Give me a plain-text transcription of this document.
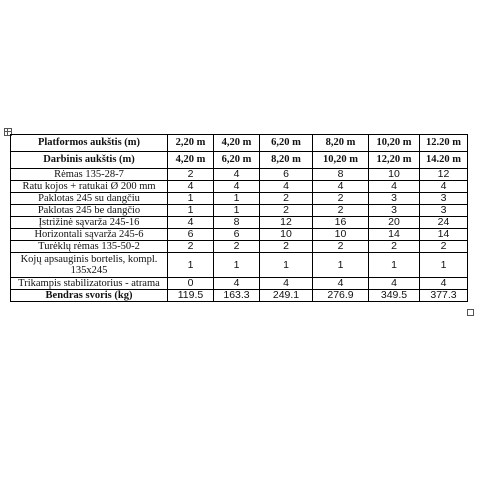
Platformos aukštis (m)	2,20 m	4,20 m	6,20 m	8,20 m	10,20 m	12.20 m
Darbinis aukštis (m)	4,20 m	6,20 m	8,20 m	10,20 m	12,20 m	14.20 m
Rėmas 135-28-7	2	4	6	8	10	12
Ratu kojos + ratukai Ø 200 mm	4	4	4	4	4	4
Paklotas 245 su dangčiu	1	1	2	2	3	3
Paklotas 245 be dangčio	1	1	2	2	3	3
Įstrižinė sąvarža 245-16	4	8	12	16	20	24
Horizontali sąvarža 245-6	6	6	10	10	14	14
Turėklų rėmas 135-50-2	2	2	2	2	2	2
Kojų apsauginis bortelis, kompl.
135x245	1	1	1	1	1	1
Trikampis stabilizatorius - atrama	0	4	4	4	4	4
Bendras svoris (kg)	119.5	163.3	249.1	276.9	349.5	377.3
